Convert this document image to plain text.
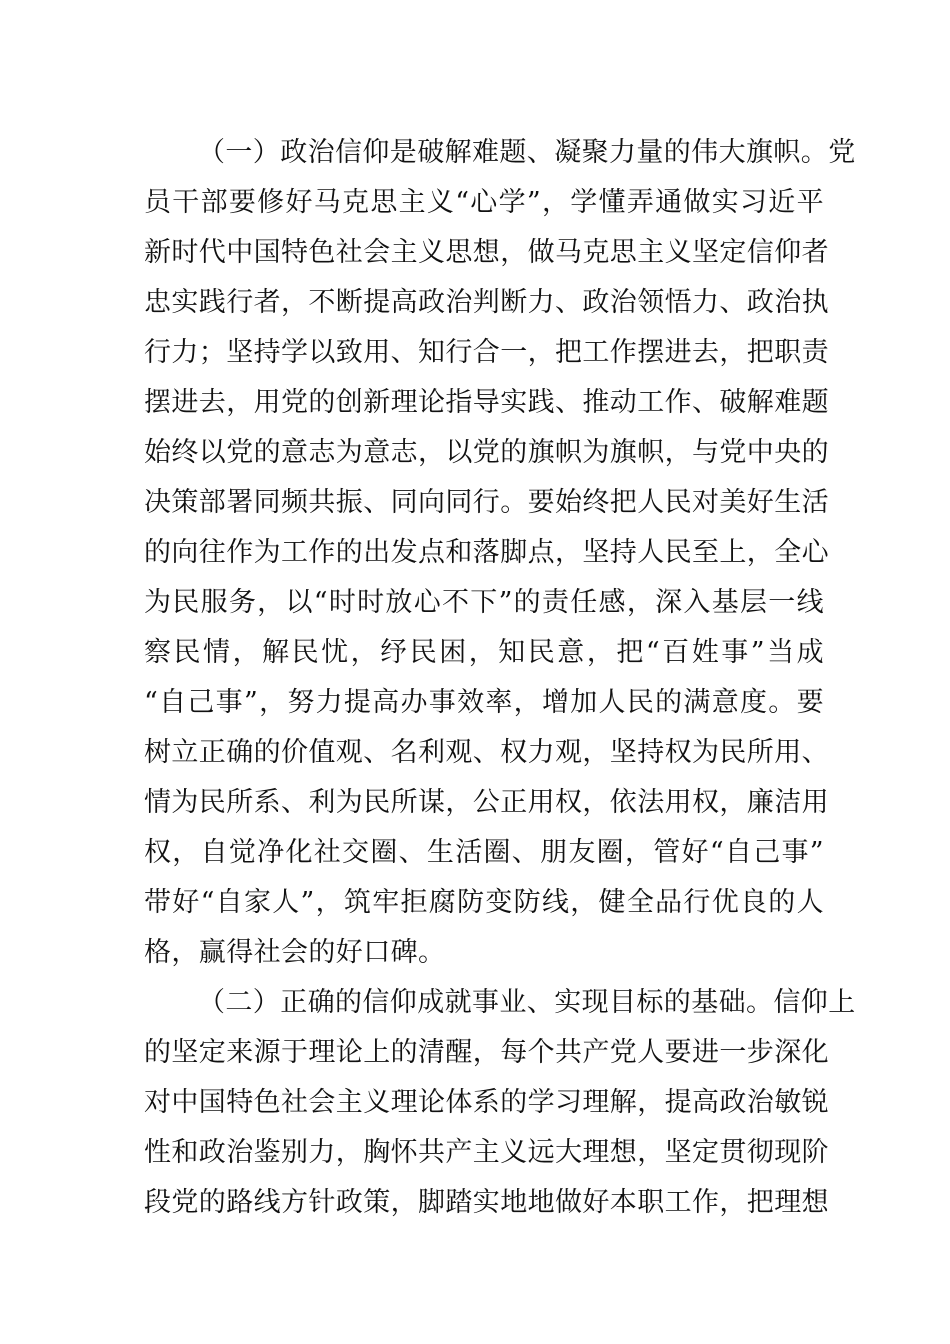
（一）政治信仰是破解难题、凝聚力量的伟大旗帜。党
员干部要修好马克思主义“心学”，学懂弄通做实习近平
新时代中国特色社会主义思想，做马克思主义坚定信仰者
忠实践行者，不断提高政治判断力、政治领悟力、政治执
行力；坚持学以致用、知行合一，把工作摆进去，把职责
摆进去，用党的创新理论指导实践、推动工作、破解难题
始终以党的意志为意志，以党的旗帜为旗帜，与党中央的
决策部署同频共振、同向同行。要始终把人民对美好生活
的向往作为工作的出发点和落脚点，坚持人民至上，全心
为民服务，以“时时放心不下”的责任感，深入基层一线
察民情，解民忧，纾民困，知民意，把“百姓事”当成
“自己事”，努力提高办事效率，增加人民的满意度。要
树立正确的价值观、名利观、权力观，坚持权为民所用、
情为民所系、利为民所谋，公正用权，依法用权，廉洁用
权，自觉净化社交圈、生活圈、朋友圈，管好“自己事”
带好“自家人”，筑牢拒腐防变防线，健全品行优良的人
格，赢得社会的好口碑。
（二）正确的信仰成就事业、实现目标的基础。信仰上
的坚定来源于理论上的清醒，每个共产党人要进一步深化
对中国特色社会主义理论体系的学习理解，提高政治敏锐
性和政治鉴别力，胸怀共产主义远大理想，坚定贯彻现阶
段党的路线方针政策，脚踏实地地做好本职工作，把理想
